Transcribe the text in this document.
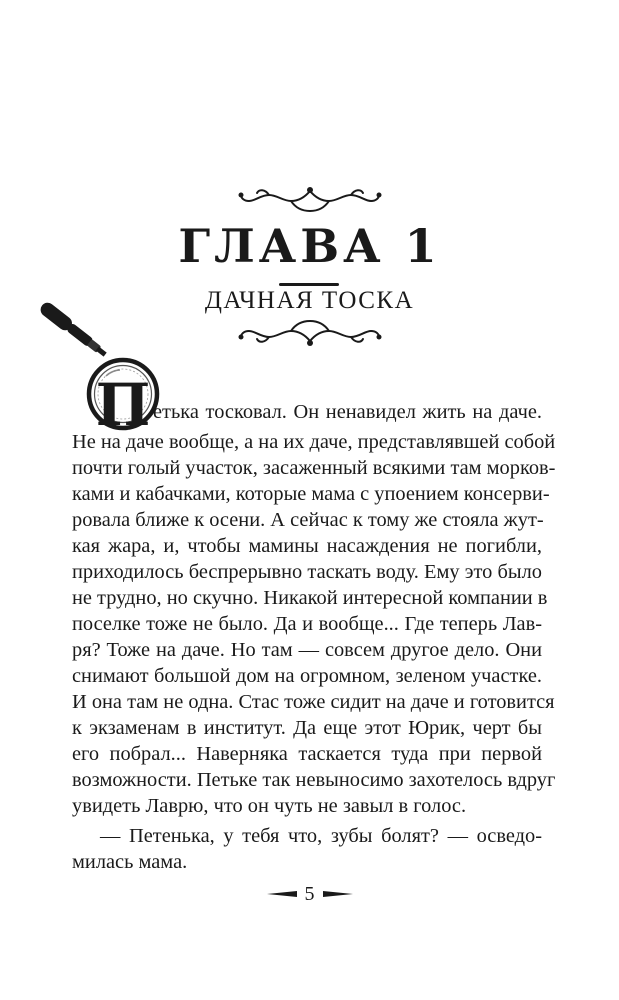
ГЛАВА 1
ДАЧНАЯ ТОСКА
П етька тосковал. Он ненавидел жить на даче.
Не на даче вообще, а на их даче, представлявшей собой
почти голый участок, засаженный всякими там морков-
ками и кабачками, которые мама с упоением консерви-
ровала ближе к осени. А сейчас к тому же стояла жут-
кая жара, и, чтобы мамины насаждения не погибли,
приходилось беспрерывно таскать воду. Ему это было
не трудно, но скучно. Никакой интересной компании в
поселке тоже не было. Да и вообще... Где теперь Лав-
ря? Тоже на даче. Но там — совсем другое дело. Они
снимают большой дом на огромном, зеленом участке.
И она там не одна. Стас тоже сидит на даче и готовится
к экзаменам в институт. Да еще этот Юрик, черт бы
его побрал... Наверняка таскается туда при первой
возможности. Петьке так невыносимо захотелось вдруг
увидеть Лаврю, что он чуть не завыл в голос.
— Петенька, у тебя что, зубы болят? — осведо-
милась мама.
5
